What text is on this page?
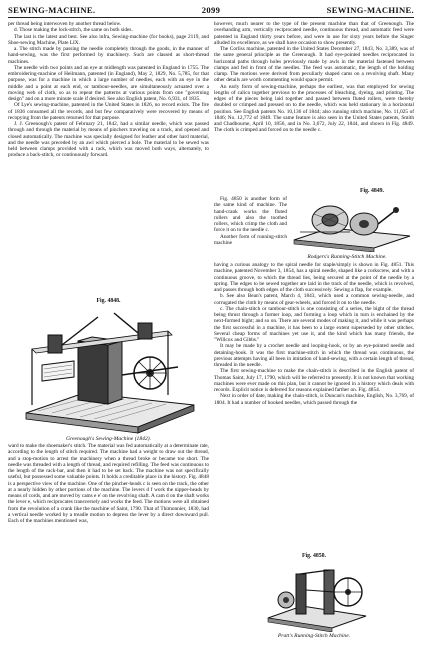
SEWING-MACHINE.	2099	SEWING-MACHINE.

per thread being interwoven by another thread below.

d. Those making the lock-stitch, the same on both sides.

The last is the latest and best. See also infra, Sewing-machine (for books), page 2119, and Shoe-sewing Machine, Plate LIX.

a. The stitch made by passing the needle completely through the goods, in the manner of hand-sewing, was the first performed by machinery. Such are classed as short-thread machines.

The needle with two points and an eye at midlength was patented in England in 1755. The embroidering-machine of Heilmann, patented (in England), May 2, 1829, No. 5,785, for that purpose, was for a machine in which a large number of needles, each with an eye in the middle and a point at each end, or tambour-needles, are simultaneously actuated over a moving web of cloth, so as to repeat the patterns at various points from one "governing design" and on a more minute scale if desired. See also English patent, No. 6,931, of 1835.

Of Lye's sewing-machine, patented in the United States in 1826, no record exists. The fire of 1836 consumed all the records, and but few comparatively were recovered by means of recopying from the patents returned for that purpose.

J. J. Greenough's patent of February 21, 1842, had a similar needle, which was passed through and through the material by means of pinchers traveling on a track, and opened and closed automatically. The machine was specially designed for leather and other hard material, and the needle was preceded by an awl which pierced a hole. The material to be sewed was held between clamps provided with a rack, which was moved both ways, alternately, to produce a back-stitch, or continuously forward.

Fig. 4848.
Greenough's Sewing-Machine (1842).

ward to make the shoemaker's stitch. The material was fed automatically at a determinate rate, according to the length of stitch required. The machine had a weight to draw out the thread, and a stop-motion to arrest the machinery when a thread broke or became too short. The needle was threaded with a length of thread, and required refilling. The feed was continuous to the length of the rack-bar, and then it had to be set back. The machine was not specifically useful, but possessed some valuable points. It holds a creditable place in the history. Fig. 4848 is a perspective view of the machine. One of the pincher-heads c is seen on the track, the other at a nearly hidden by other portions of the machine. The levers d f work the nipper-heads by means of cords, and are moved by cams e e' on the revolving shaft. A cam d on the shaft works the lever e, which reciprocates transversely and works the feed. The motions were all obtained from the revolution of a crank like the machine of Saint, 1790. That of Thimonnier, 1830, had a vertical needle worked by a treadle motion to depress the lever by a direct downward pull. Each of the machines mentioned was,

however, much nearer to the type of the present machine than that of Greenough. The overhanding arm, vertically reciprocated needle, continuous thread, and automatic feed were patented in England thirty years before, and were in use for sixty years before the Singer alluded its excellence, as we shall have occasion to show presently.

The Corliss machine, patented in the United States December 27, 1843, No. 3,389, was of the same general principle as the Greenough. It had eye-pointed needles reciprocated in horizontal paths through holes previously made by awls in the material fastened between clamps and fed in front of the needles. The feed was automatic, the length of the holding clamp. The motions were derived from peculiarly shaped cams on a revolving shaft. Many other details are worth commenting would space permit.

An early form of sewing-machine, perhaps the earliest, was that employed for sewing lengths of calico together previous to the processes of bleaching, dyeing, and printing. The edges of the pieces being laid together and passed between fluted rollers, were thereby doubled or crimped and pressed on to the needle, which was held stationary in a horizontal position. See English patents No. 10,136 of 1844; also running stitch machine, No. 11,025 of 1846; No. 12,772 of 1849. The same feature is also seen in the United States patents, Smith and Chadbourne, April 10, 1856, and in No. 3,672, July 22, 1844, and shown in Fig. 4849. The cloth is crimped and forced on to the needle c.

Fig. 4849.
Rodgers's Running-Stitch Machine.

Fig. 4850 is another form of the same kind of machine. The hand-crank works the fluted rollers and also the toothed rollers, which crimp the cloth and force it on to the needle c.

Another form of running-stitch machine

having a curious analogy to the spiral needle for staple/simply is shown in Fig. 4851. This machine, patented November 3, 1854, has a spiral needle, shaped like a corkscrew, and with a continuous groove, to which the thread lies, being secured at the point of the needle by a spring. The edges to be sewed together are laid in the track of the needle, which is revolved, and passes through both edges of the cloth successively. Sewing a flap, for example.

b. See also Bean's patent, March 4, 1843, which used a common sewing-needle, and corrugated the cloth by means of gear-wheels, and forced it on to the needle.

c. The chain-stitch or tambour-stitch is one consisting of a series, the bight of the thread being thrust through a former loop, and forming a loop which in turn is enchained by the next-formed bight; and so on. There are several modes of making it, and while it was perhaps the first successful in a machine, it has been to a large extent superseded by other stitches. Several cheap forms of machines yet use it, and the kind which has many friends, the "Willcox and Gibbs."

It may be made by a crochet needle and looping-hook, or by an eye-pointed needle and detaining-hook. It was the first machine-stitch in which the thread was continuous, the previous attempts having all been in imitation of hand-sewing, with a certain length of thread, threaded in the needle.

The first sewing-machine to make the chain-stitch is described in the English patent of Thomas Saint, July 17, 1790, which will be referred to presently. It is not known that working machines were ever made on this plan, but it cannot be ignored in a history which deals with records. Explicit notice is deferred for reasons explained farther on. Fig. 4854.

Next in order of date, making the chain-stitch, is Duncan's machine, English, No. 3,769, of 1804. It had a number of hooked needles, which passed through the

Fig. 4850.
Pratt's Running-Stitch Machine.
